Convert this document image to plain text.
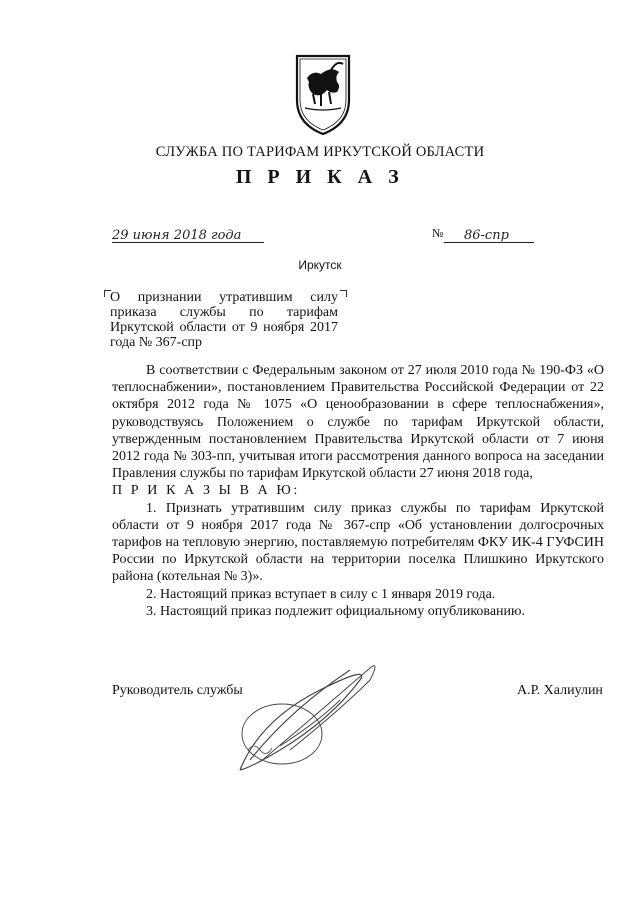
СЛУЖБА ПО ТАРИФАМ ИРКУТСКОЙ ОБЛАСТИ
П Р И К А З
29 июня 2018 года	№	86-спр
Иркутск
О признании утратившим силу приказа службы по тарифам Иркутской области от 9 ноября 2017 года № 367-спр

В соответствии с Федеральным законом от 27 июля 2010 года № 190-ФЗ «О теплоснабжении», постановлением Правительства Российской Федерации от 22 октября 2012 года № 1075 «О ценообразовании в сфере теплоснабжения», руководствуясь Положением о службе по тарифам Иркутской области, утвержденным постановлением Правительства Иркутской области от 7 июня 2012 года № 303-пп, учитывая итоги рассмотрения данного вопроса на заседании Правления службы по тарифам Иркутской области 27 июня 2018 года,

П Р И К А З Ы В А Ю:

1. Признать утратившим силу приказ службы по тарифам Иркутской области от 9 ноября 2017 года № 367-спр «Об установлении долгосрочных тарифов на тепловую энергию, поставляемую потребителям ФКУ ИК-4 ГУФСИН России по Иркутской области на территории поселка Плишкино Иркутского района (котельная № 3)».

2. Настоящий приказ вступает в силу с 1 января 2019 года.

3. Настоящий приказ подлежит официальному опубликованию.

Руководитель службы	А.Р. Халиулин
